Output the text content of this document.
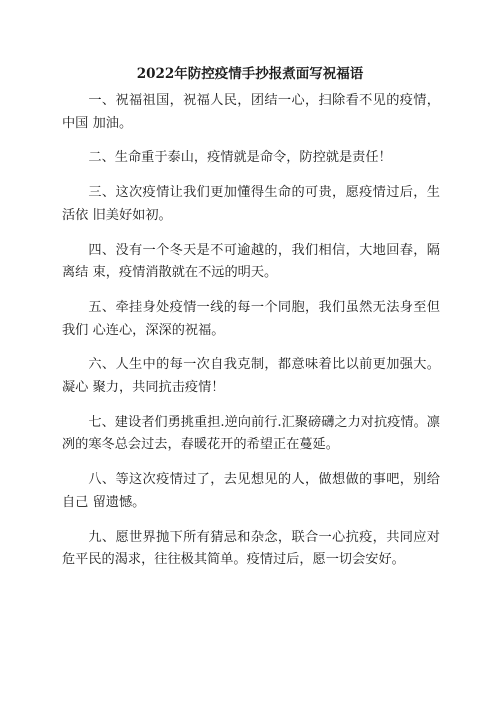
2022年防控疫情手抄报煮面写祝福语

一、祝福祖国，祝福人民，团结一心，扫除看不见的疫情，中国 加油。

二、生命重于泰山，疫情就是命令，防控就是责任！

三、这次疫情让我们更加懂得生命的可贵，愿疫情过后，生活依 旧美好如初。

四、没有一个冬天是不可逾越的，我们相信，大地回春，隔离结 束，疫情消散就在不远的明天。

五、牵挂身处疫情一线的每一个同胞，我们虽然无法身至但我们 心连心，深深的祝福。

六、人生中的每一次自我克制，都意味着比以前更加强大。凝心 聚力，共同抗击疫情！

七、建设者们勇挑重担.逆向前行.汇聚磅礴之力对抗疫情。凛冽的寒冬总会过去，春暖花开的希望正在蔓延。

八、等这次疫情过了，去见想见的人，做想做的事吧，别给自己 留遗憾。

九、愿世界抛下所有猜忌和杂念，联合一心抗疫，共同应对危平民的渴求，往往极其简单。疫情过后，愿一切会安好。
